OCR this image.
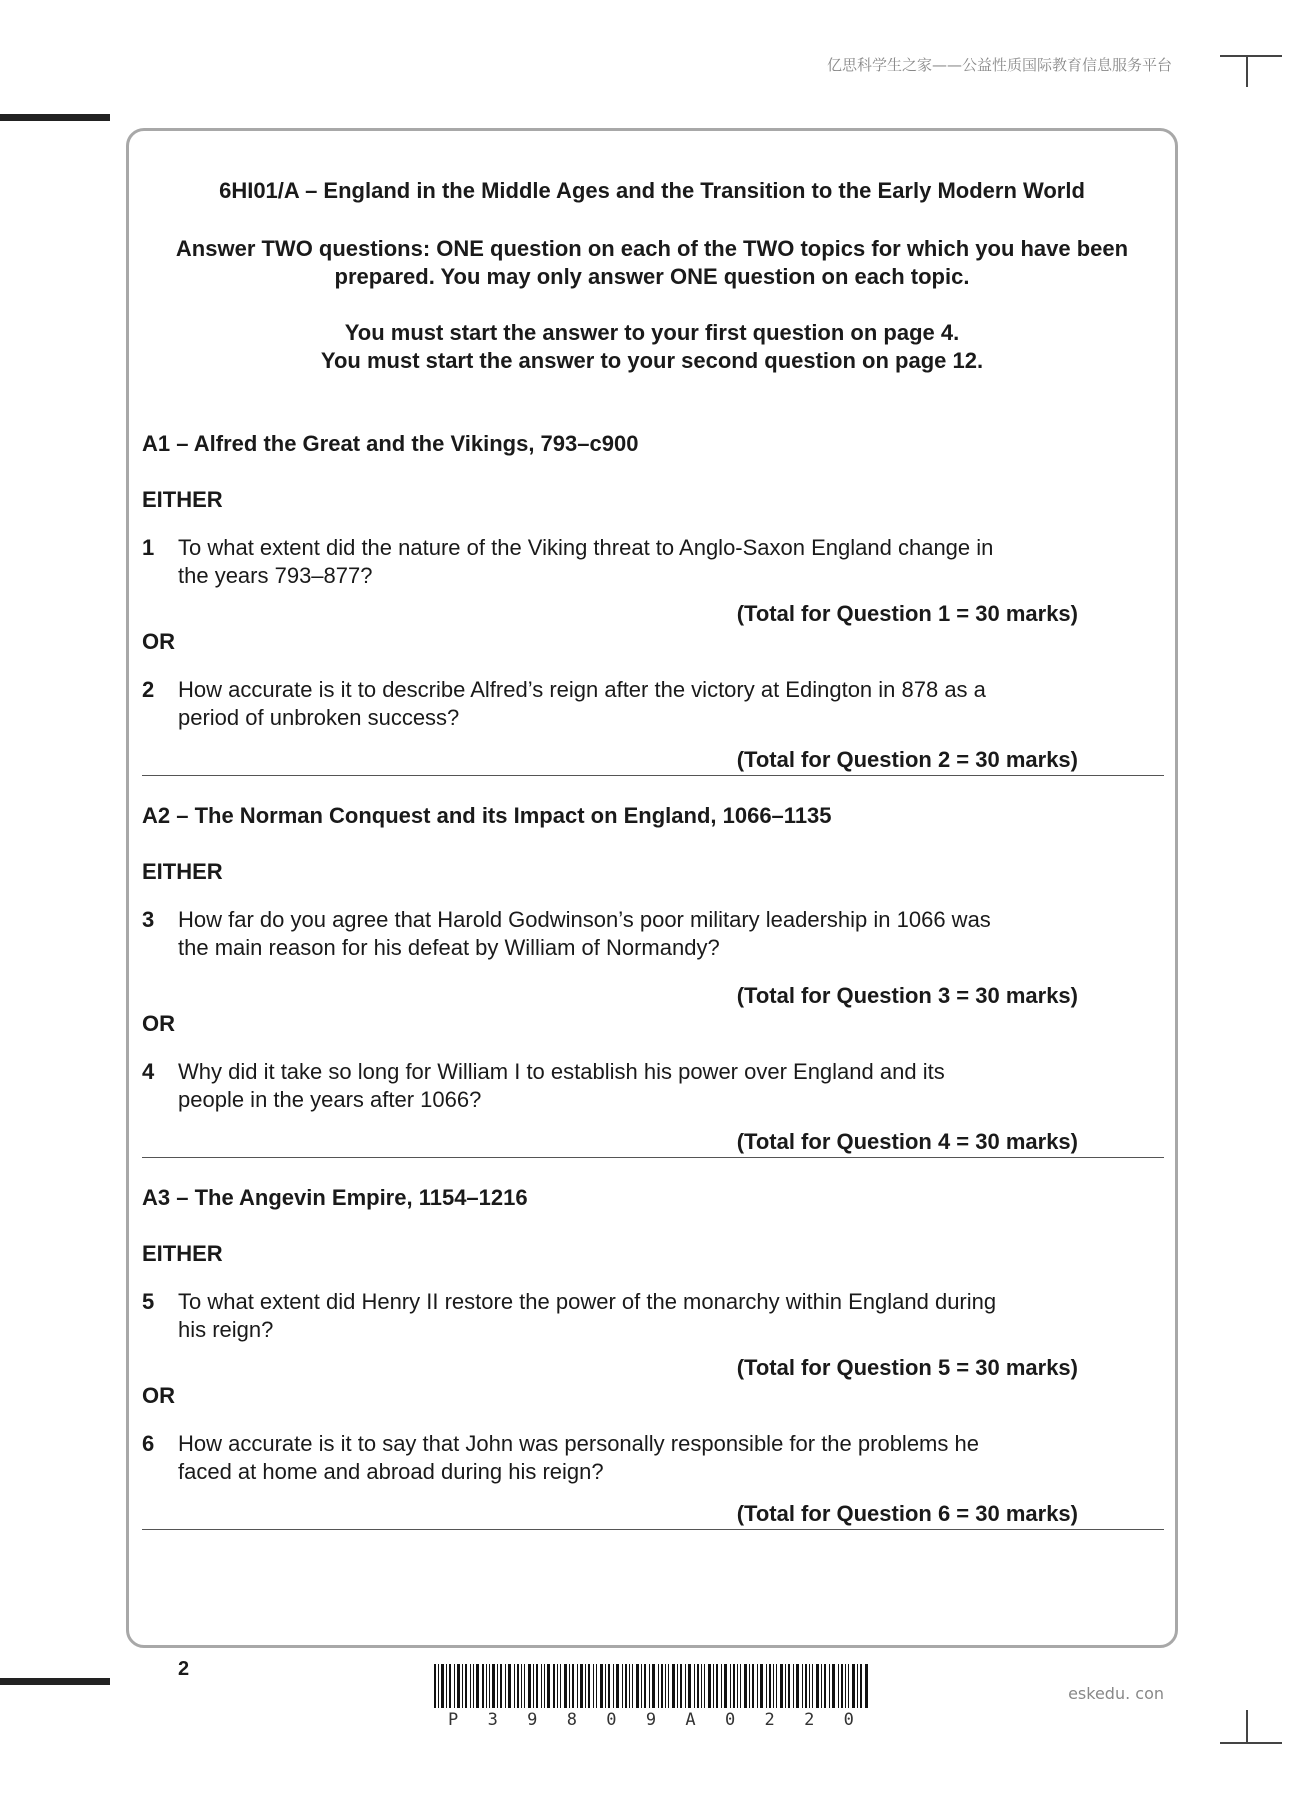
亿思科学生之家——公益性质国际教育信息服务平台
6HI01/A – England in the Middle Ages and the Transition to the Early Modern World
Answer TWO questions: ONE question on each of the TWO topics for which you have been
prepared. You may only answer ONE question on each topic.
You must start the answer to your first question on page 4.
You must start the answer to your second question on page 12.
A1 – Alfred the Great and the Vikings, 793–c900
EITHER
1 To what extent did the nature of the Viking threat to Anglo-Saxon England change in
the years 793–877?
(Total for Question 1 = 30 marks)
OR
2 How accurate is it to describe Alfred’s reign after the victory at Edington in 878 as a
period of unbroken success?
(Total for Question 2 = 30 marks)
A2 – The Norman Conquest and its Impact on England, 1066–1135
EITHER
3 How far do you agree that Harold Godwinson’s poor military leadership in 1066 was
the main reason for his defeat by William of Normandy?
(Total for Question 3 = 30 marks)
OR
4 Why did it take so long for William I to establish his power over England and its
people in the years after 1066?
(Total for Question 4 = 30 marks)
A3 – The Angevin Empire, 1154–1216
EITHER
5 To what extent did Henry II restore the power of the monarchy within England during
his reign?
(Total for Question 5 = 30 marks)
OR
6 How accurate is it to say that John was personally responsible for the problems he
faced at home and abroad during his reign?
(Total for Question 6 = 30 marks)
2
P 3 9 8 0 9 A 0 2 2 0
eskedu. con
